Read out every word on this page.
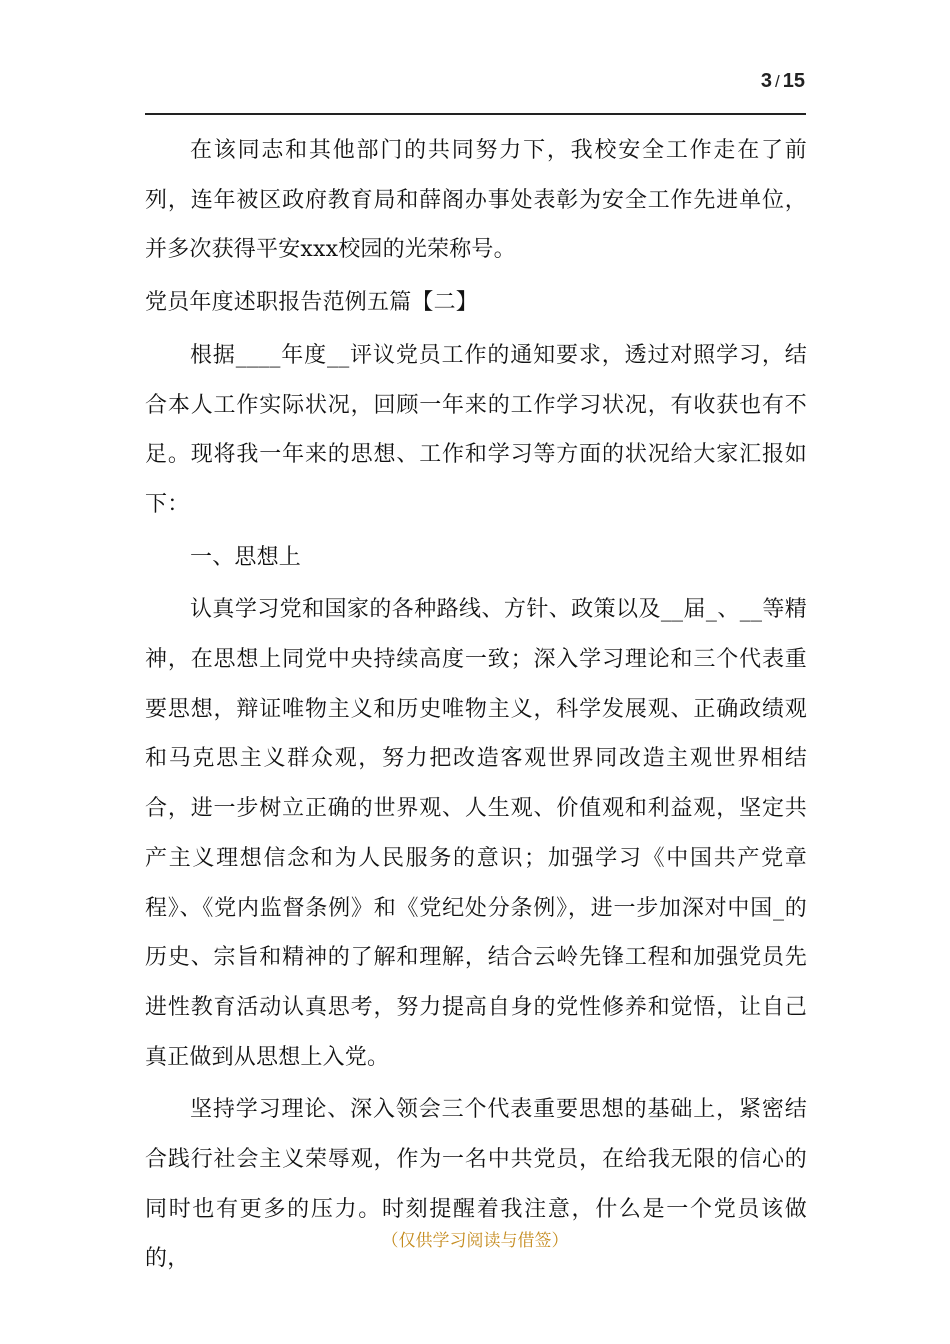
3 / 15

在该同志和其他部门的共同努力下，我校安全工作走在了前列，连年被区政府教育局和薛阁办事处表彰为安全工作先进单位，并多次获得平安xxx校园的光荣称号。

党员年度述职报告范例五篇【二】

根据____年度__评议党员工作的通知要求，透过对照学习，结合本人工作实际状况，回顾一年来的工作学习状况，有收获也有不足。现将我一年来的思想、工作和学习等方面的状况给大家汇报如下：

一、思想上

认真学习党和国家的各种路线、方针、政策以及__届_、__等精神，在思想上同党中央持续高度一致；深入学习理论和三个代表重要思想，辩证唯物主义和历史唯物主义，科学发展观、正确政绩观和马克思主义群众观，努力把改造客观世界同改造主观世界相结合，进一步树立正确的世界观、人生观、价值观和利益观，坚定共产主义理想信念和为人民服务的意识；加强学习《中国共产党章程》、《党内监督条例》和《党纪处分条例》，进一步加深对中国_的历史、宗旨和精神的了解和理解，结合云岭先锋工程和加强党员先进性教育活动认真思考，努力提高自身的党性修养和觉悟，让自己真正做到从思想上入党。

坚持学习理论、深入领会三个代表重要思想的基础上，紧密结合践行社会主义荣辱观，作为一名中共党员，在给我无限的信心的同时也有更多的压力。时刻提醒着我注意，什么是一个党员该做的，

（仅供学习阅读与借签）
